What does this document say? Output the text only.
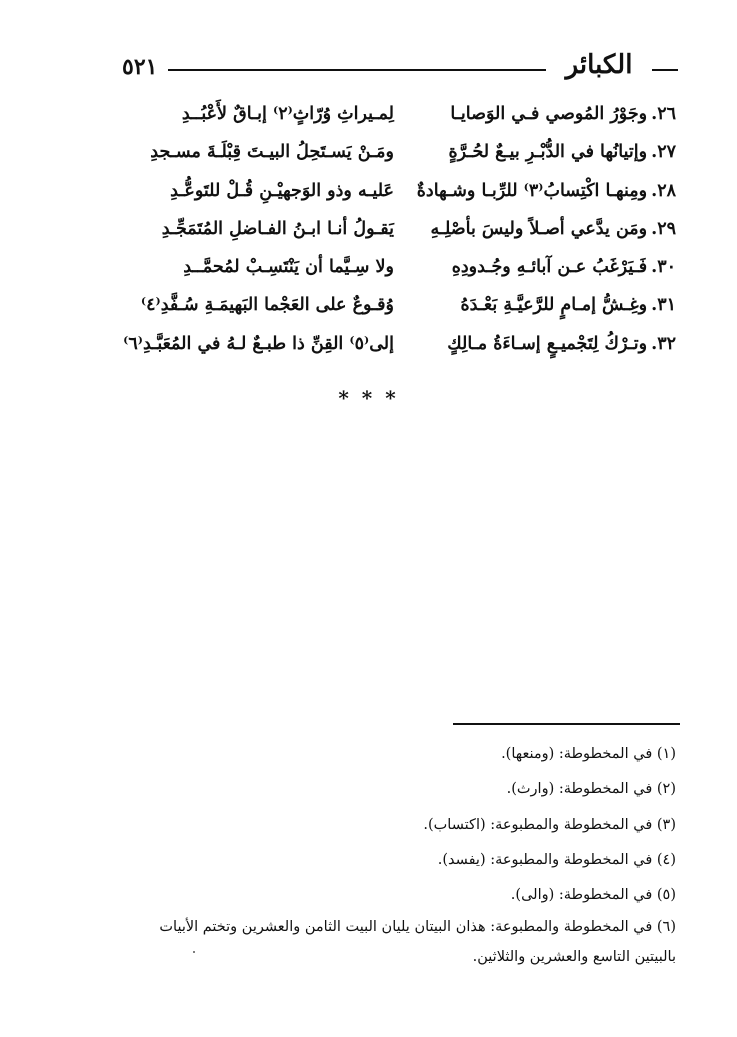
٥٢١	الكبائر
٢٦.وجَوْرُ المُوصي فـي الوَصايـا
لِمـيراثِ وُرّاثٍ⁽٢⁾ إبـاقٌ لأَعْبُــدِ
٢٧.وإتيانُها في الدُّبْـرِ بيـعٌ لحُـرَّةٍ
ومَـنْ يَسـتَحِلُ البيـتَ قِبْلَـةَ مسـجدِ
٢٨.ومِنهـا اكْتِسابُ⁽٣⁾ للرِّبـا وشـهادةٌ
عَليـه وذو الوَجهيْـنِ قُـلْ للتَوعُّـدِ
٢٩.ومَن يدَّعي أصـلاً وليسَ بأصْلِـهِ
يَقـولُ أنـا ابـنُ الفـاضلِ المُتَمَجِّـدِ
٣٠.فَـيَرْغَبُ عـن آبائـهِ وجُـدودِهِ
ولا سِـيَّما أن يَنْتَسِـبْ لمُحمَّــدِ
٣١.وغِـشُّ إمـامٍ للرَّعيَّـةِ بَعْـدَهُ
وُقـوعٌ على العَجْما البَهيمَـةِ سُـفَّدِ⁽٤⁾
٣٢.وتـرْكُ لِتَجْميـعٍ إسـاءَةُ مـالِكٍ
إلى⁽٥⁾ القِنِّ ذا طبـعٌ لـهُ في المُعَبَّـدِ⁽٦⁾
* * *
(١) في المخطوطة: (ومنعها).
(٢) في المخطوطة: (وارث).
(٣) في المخطوطة والمطبوعة: (اكتساب).
(٤) في المخطوطة والمطبوعة: (يفسد).
(٥) في المخطوطة: (والى).
(٦) في المخطوطة والمطبوعة: هذان البيتان يليان البيت الثامن والعشرين وتختم الأبيات بالبيتين التاسع والعشرين والثلاثين.
